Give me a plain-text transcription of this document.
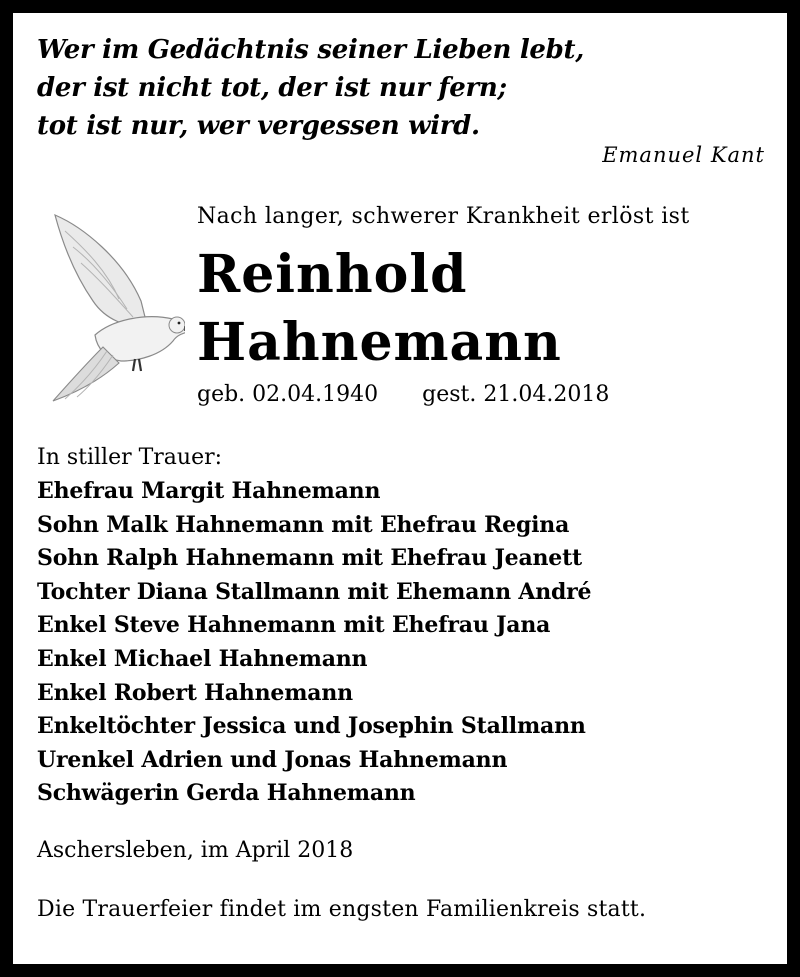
Wer im Gedächtnis seiner Lieben lebt,
der ist nicht tot, der ist nur fern;
tot ist nur, wer vergessen wird.
Emanuel Kant
Nach langer, schwerer Krankheit erlöst ist
Reinhold
Hahnemann
geb. 02.04.1940 gest. 21.04.2018
In stiller Trauer:
Ehefrau Margit Hahnemann
Sohn Malk Hahnemann mit Ehefrau Regina
Sohn Ralph Hahnemann mit Ehefrau Jeanett
Tochter Diana Stallmann mit Ehemann André
Enkel Steve Hahnemann mit Ehefrau Jana
Enkel Michael Hahnemann
Enkel Robert Hahnemann
Enkeltöchter Jessica und Josephin Stallmann
Urenkel Adrien und Jonas Hahnemann
Schwägerin Gerda Hahnemann
Aschersleben, im April 2018
Die Trauerfeier findet im engsten Familienkreis statt.
